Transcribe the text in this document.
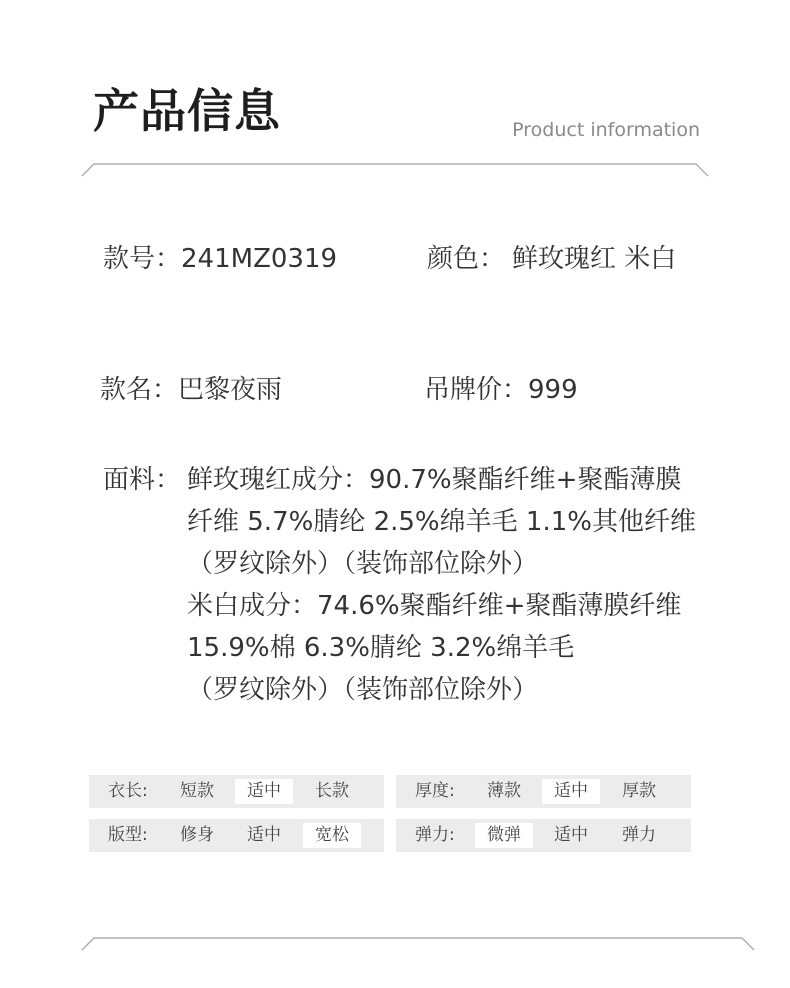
产品信息	Product information
款号：241MZ0319	颜色： 鲜玫瑰红 米白
款名：巴黎夜雨	吊牌价：999
面料： 鲜玫瑰红成分：90.7%聚酯纤维+聚酯薄膜
纤维 5.7%腈纶 2.5%绵羊毛 1.1%其他纤维
（罗纹除外）（装饰部位除外）
米白成分：74.6%聚酯纤维+聚酯薄膜纤维
15.9%棉 6.3%腈纶 3.2%绵羊毛
（罗纹除外）（装饰部位除外）
衣长:	短款	适中	长款	厚度:	薄款	适中	厚款
版型:	修身	适中	宽松	弹力:	微弹	适中	弹力
